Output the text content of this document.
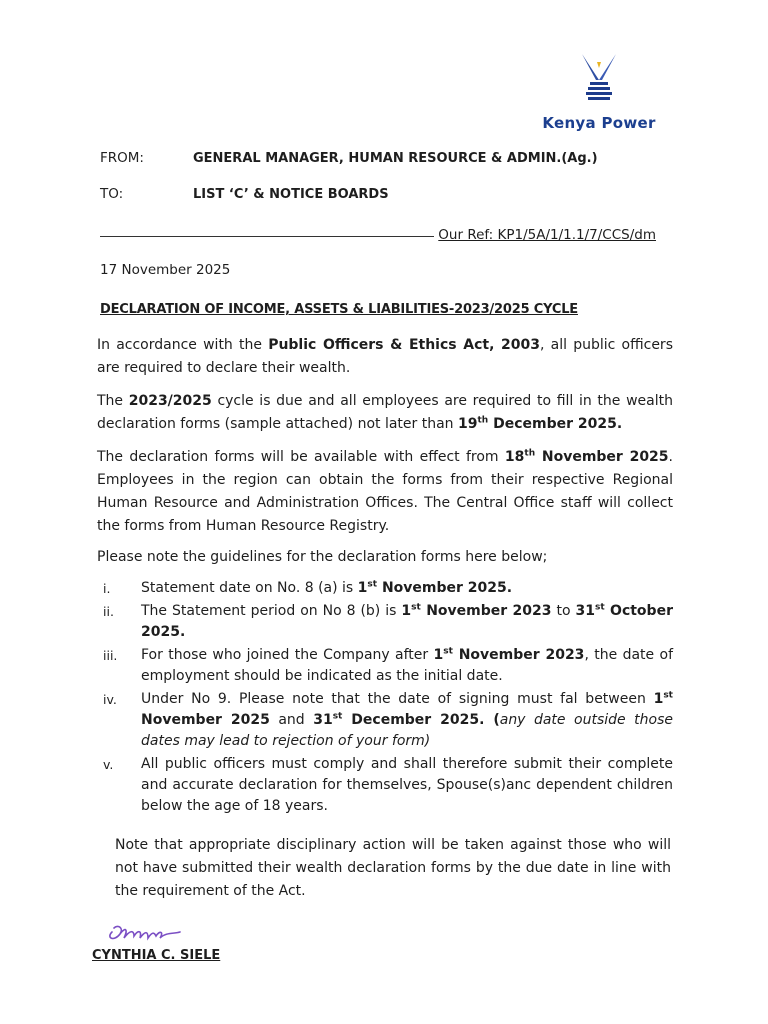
Kenya Power
FROM:	GENERAL MANAGER, HUMAN RESOURCE & ADMIN.(Ag.)
TO:	LIST ‘C’ & NOTICE BOARDS
Our Ref: KP1/5A/1/1.1/7/CCS/dm
17 November 2025
DECLARATION OF INCOME, ASSETS & LIABILITIES-2023/2025 CYCLE
In accordance with the Public Officers & Ethics Act, 2003, all public officers are required to declare their wealth.
The 2023/2025 cycle is due and all employees are required to fill in the wealth declaration forms (sample attached) not later than 19th December 2025.
The declaration forms will be available with effect from 18th November 2025. Employees in the region can obtain the forms from their respective Regional Human Resource and Administration Offices. The Central Office staff will collect the forms from Human Resource Registry.
Please note the guidelines for the declaration forms here below;
i.	Statement date on No. 8 (a) is 1st November 2025.
ii.	The Statement period on No 8 (b) is 1st November 2023 to 31st October 2025.
iii.	For those who joined the Company after 1st November 2023, the date of employment should be indicated as the initial date.
iv.	Under No 9. Please note that the date of signing must fal between 1st November 2025 and 31st December 2025. (any date outside those dates may lead to rejection of your form)
v.	All public officers must comply and shall therefore submit their complete and accurate declaration for themselves, Spouse(s)anc dependent children below the age of 18 years.
Note that appropriate disciplinary action will be taken against those who will not have submitted their wealth declaration forms by the due date in line with the requirement of the Act.
CYNTHIA C. SIELE
